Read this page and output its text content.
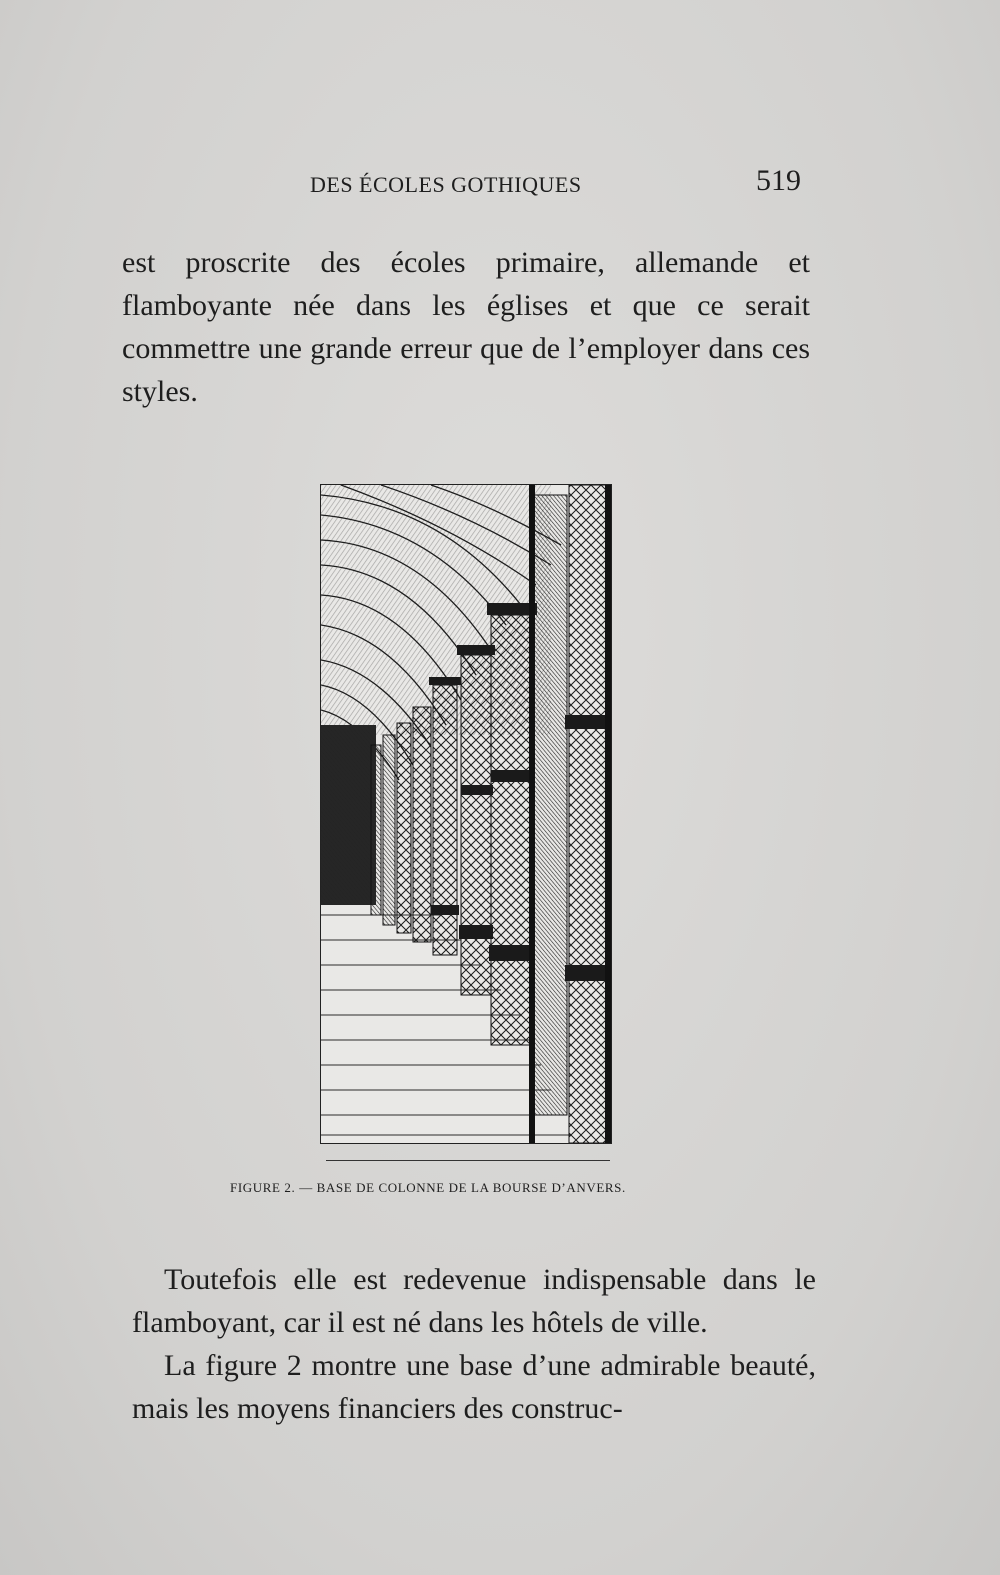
DES ÉCOLES GOTHIQUES	519
est proscrite des écoles primaire, allemande et flamboyante née dans les églises et que ce serait commettre une grande erreur que de l’employer dans ces styles.
FIGURE 2. — BASE DE COLONNE DE LA BOURSE D’ANVERS.
Toutefois elle est redevenue indispensable dans le flamboyant, car il est né dans les hôtels de ville.
La figure 2 montre une base d’une admirable beauté, mais les moyens financiers des construc-
